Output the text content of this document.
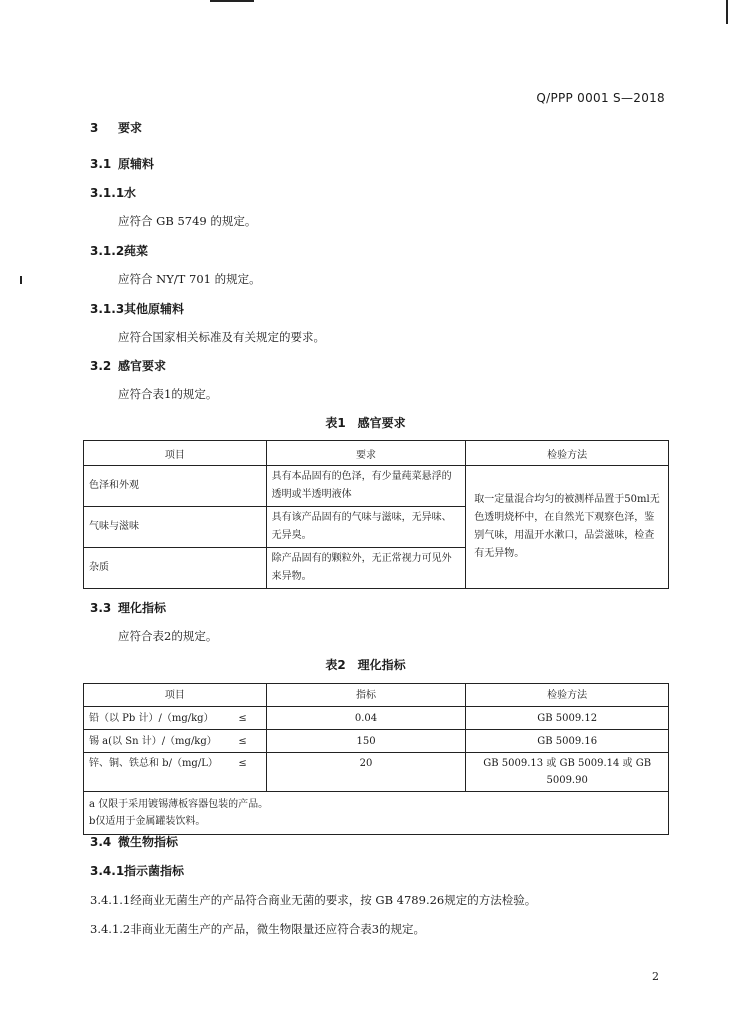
Q/PPP 0001 S—2018
3 要求
3.1 原辅料
3.1.1水
应符合 GB 5749 的规定。
3.1.2莼菜
应符合 NY/T 701 的规定。
3.1.3其他原辅料
应符合国家相关标准及有关规定的要求。
3.2 感官要求
应符合表1的规定。
表1　感官要求
项目	要求	检验方法
色泽和外观	具有本品固有的色泽，有少量莼菜悬浮的透明或半透明液体	取一定量混合均匀的被测样品置于50ml无色透明烧杯中，在自然光下观察色泽，鉴别气味，用温开水漱口，品尝滋味，检查有无异物。
气味与滋味	具有该产品固有的气味与滋味，无异味、无异臭。	
杂质	除产品固有的颗粒外，无正常视力可见外来异物。	
3.3 理化指标
应符合表2的规定。
表2　理化指标
项目	指标	检验方法
铅（以 Pb 计）/（mg/kg） ≤	0.04	GB 5009.12
锡 a(以 Sn 计）/（mg/kg） ≤	150	GB 5009.16
锌、铜、铁总和 b/（mg/L） ≤	20	GB 5009.13 或 GB 5009.14 或 GB 5009.90

a 仅限于采用镀锡薄板容器包装的产品。
b仅适用于金属罐装饮料。		
3.4 微生物指标
3.4.1指示菌指标
3.4.1.1经商业无菌生产的产品符合商业无菌的要求，按 GB 4789.26规定的方法检验。
3.4.1.2非商业无菌生产的产品，微生物限量还应符合表3的规定。
2
